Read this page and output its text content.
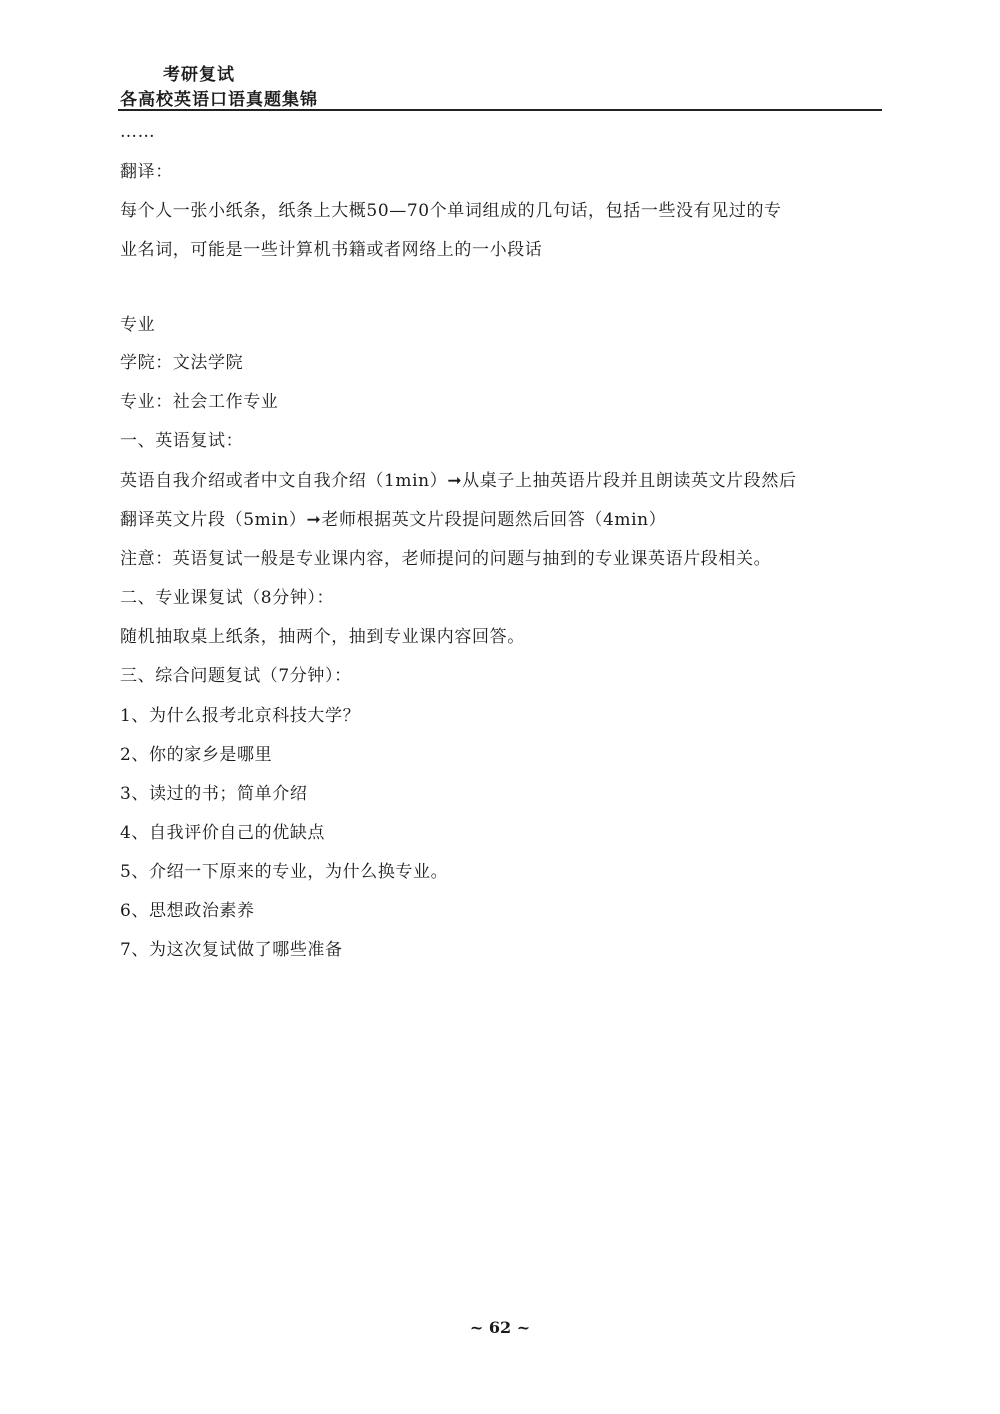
考研复试
各高校英语口语真题集锦
……
翻译：
每个人一张小纸条，纸条上大概50—70个单词组成的几句话，包括一些没有见过的专
业名词，可能是一些计算机书籍或者网络上的一小段话
专业
学院：文法学院
专业：社会工作专业
一、英语复试：
英语自我介绍或者中文自我介绍（1min）➞从桌子上抽英语片段并且朗读英文片段然后
翻译英文片段（5min）➞老师根据英文片段提问题然后回答（4min）
注意：英语复试一般是专业课内容，老师提问的问题与抽到的专业课英语片段相关。
二、专业课复试（8分钟）：
随机抽取桌上纸条，抽两个，抽到专业课内容回答。
三、综合问题复试（7分钟）：
1、为什么报考北京科技大学？
2、你的家乡是哪里
3、读过的书；简单介绍
4、自我评价自己的优缺点
5、介绍一下原来的专业，为什么换专业。
6、思想政治素养
7、为这次复试做了哪些准备
~ 62 ~
